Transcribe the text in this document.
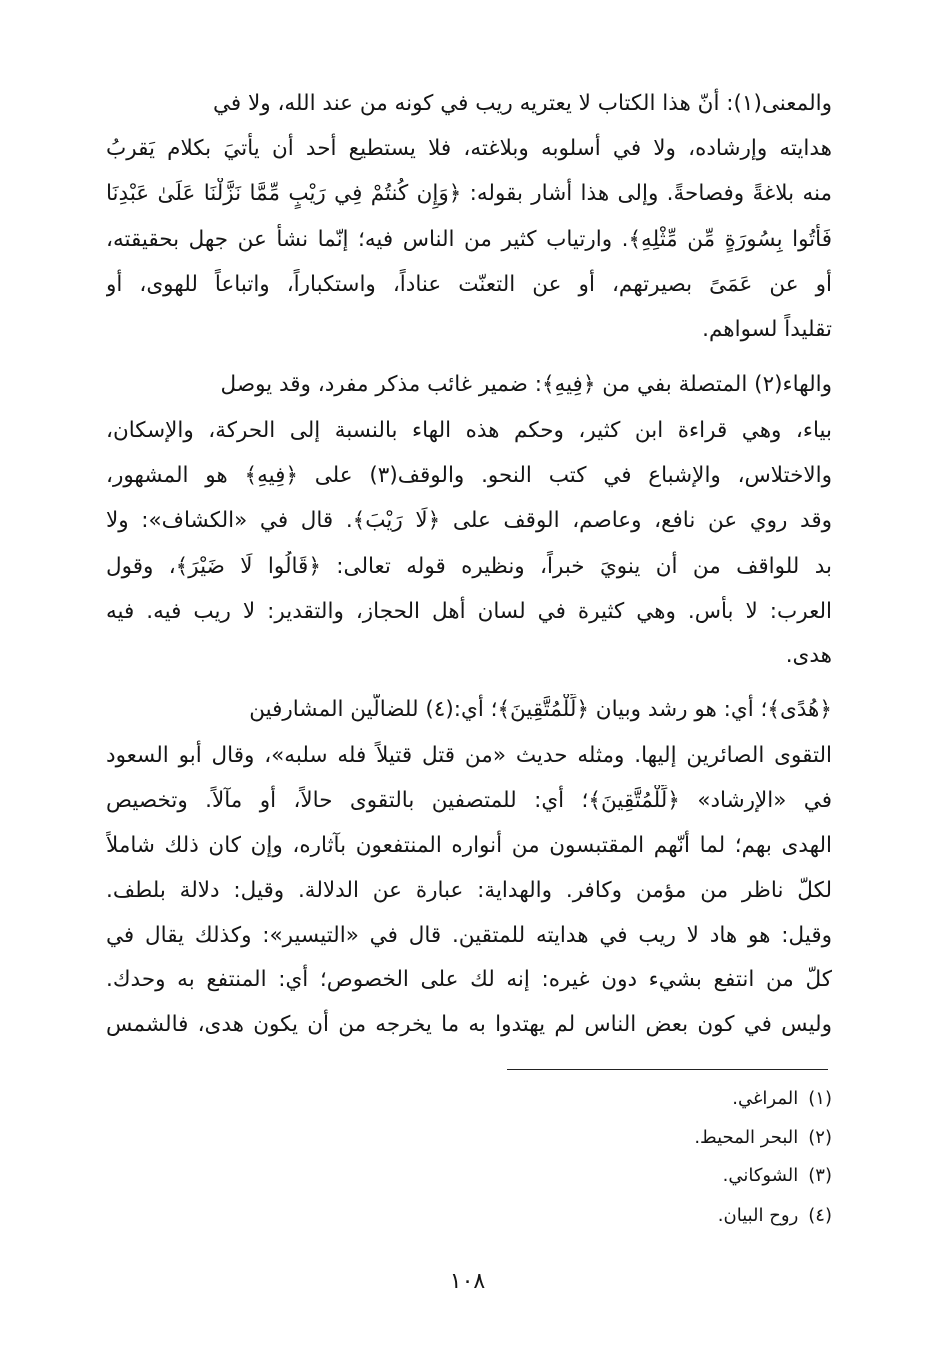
والمعنى(١): أنّ هذا الكتاب لا يعتريه ريب في كونه من عند الله، ولا في
هدايته وإرشاده، ولا في أسلوبه وبلاغته، فلا يستطيع أحد أن يأتيَ بكلام يَقربُ
منه بلاغةً وفصاحةً. وإلى هذا أشار بقوله: ﴿وَإِن كُنتُمْ فِي رَيْبٍ مِّمَّا نَزَّلْنَا عَلَىٰ عَبْدِنَا
فَأْتُوا بِسُورَةٍ مِّن مِّثْلِهِ﴾. وارتياب كثير من الناس فيه؛ إنّما نشأ عن جهل بحقيقته،
أو عن عَمَىً بصيرتهم، أو عن التعنّت عناداً، واستكباراً، واتباعاً للهوى، أو
تقليداً لسواهم.
والهاء(٢) المتصلة بفي من ﴿فِيهِ﴾: ضمير غائب مذكر مفرد، وقد يوصل
بياء، وهي قراءة ابن كثير، وحكم هذه الهاء بالنسبة إلى الحركة، والإسكان،
والاختلاس، والإشباع في كتب النحو. والوقف(٣) على ﴿فِيهِ﴾ هو المشهور،
وقد روي عن نافع، وعاصم، الوقف على ﴿لَا رَيْبَ﴾. قال في «الكشاف»: ولا
بد للواقف من أن ينويَ خبراً، ونظيره قوله تعالى: ﴿قَالُوا لَا ضَيْرَ﴾، وقول
العرب: لا بأس. وهي كثيرة في لسان أهل الحجاز، والتقدير: لا ريب فيه. فيه
هدى.
﴿هُدًى﴾؛ أي: هو رشد وبيان ﴿لِّلْمُتَّقِينَ﴾؛ أي:(٤) للضالّين المشارفين
التقوى الصائرين إليها. ومثله حديث «من قتل قتيلاً فله سلبه»، وقال أبو السعود
في «الإرشاد» ﴿لِّلْمُتَّقِينَ﴾؛ أي: للمتصفين بالتقوى حالاً، أو مآلاً. وتخصيص
الهدى بهم؛ لما أنّهم المقتبسون من أنواره المنتفعون بآثاره، وإن كان ذلك شاملاً
لكلّ ناظر من مؤمن وكافر. والهداية: عبارة عن الدلالة. وقيل: دلالة بلطف.
وقيل: هو هاد لا ريب في هدايته للمتقين. قال في «التيسير»: وكذلك يقال في
كلّ من انتفع بشيء دون غيره: إنه لك على الخصوص؛ أي: المنتفع به وحدك.
وليس في كون بعض الناس لم يهتدوا به ما يخرجه من أن يكون هدى، فالشمس
(١)المراغي.
(٢)البحر المحيط.
(٣)الشوكاني.
(٤)روح البيان.
١٠٨
